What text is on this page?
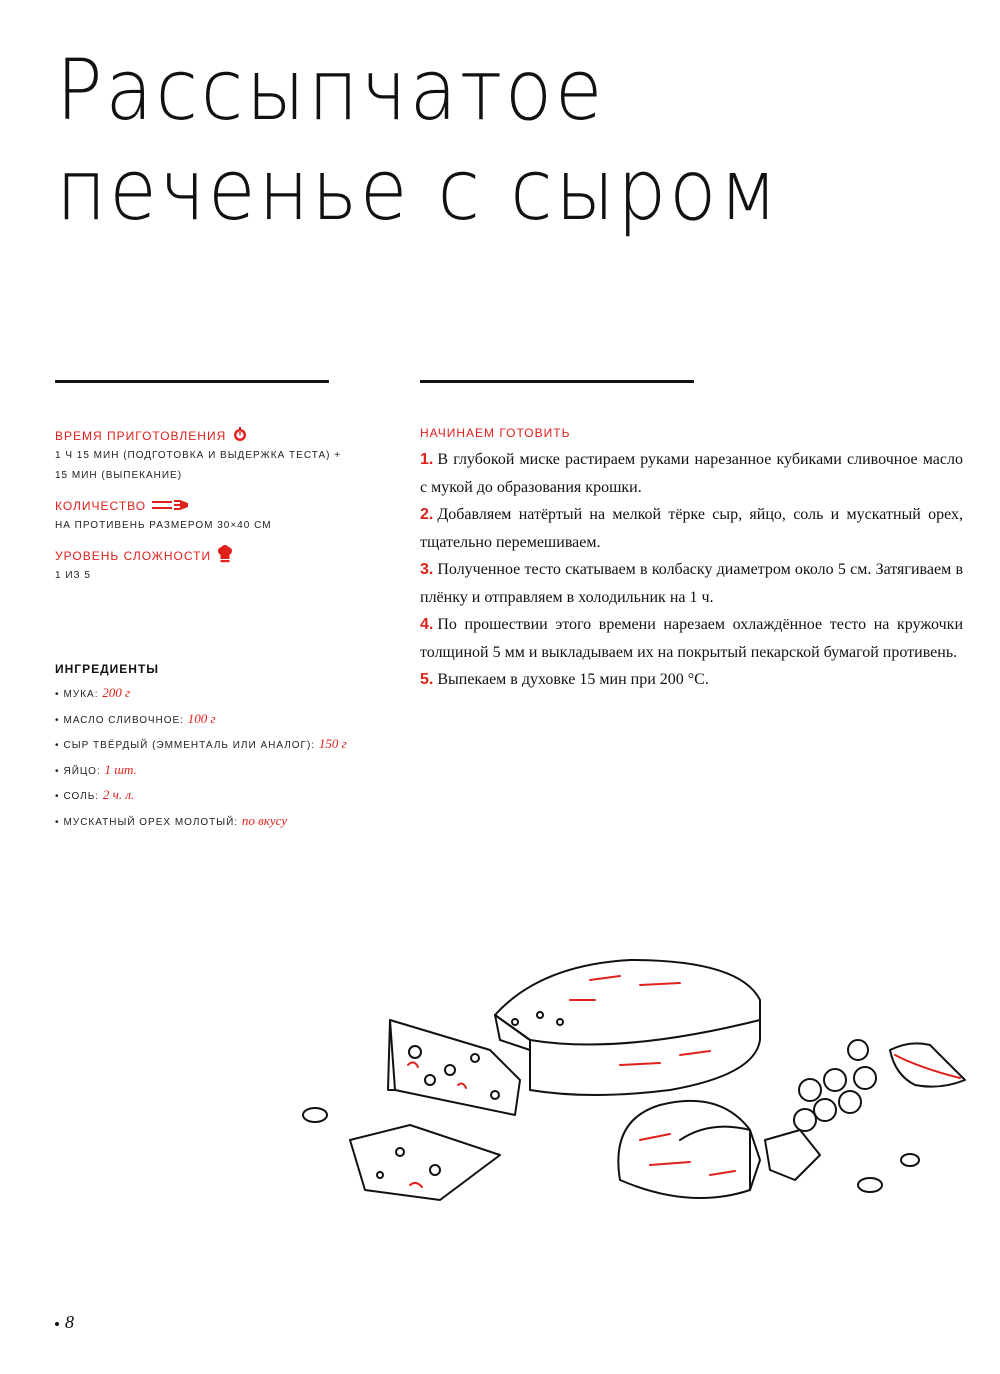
Рассыпчатое
печенье с сыром
ВРЕМЯ ПРИГОТОВЛЕНИЯ
1 Ч 15 МИН (ПОДГОТОВКА И ВЫДЕРЖКА ТЕСТА) +
15 МИН (ВЫПЕКАНИЕ)
КОЛИЧЕСТВО
НА ПРОТИВЕНЬ РАЗМЕРОМ 30×40 СМ
УРОВЕНЬ СЛОЖНОСТИ
1 ИЗ 5
ИНГРЕДИЕНТЫ
• МУКА: 200 г
• МАСЛО СЛИВОЧНОЕ: 100 г
• СЫР ТВЁРДЫЙ (ЭММЕНТАЛЬ ИЛИ АНАЛОГ): 150 г
• ЯЙЦО: 1 шт.
• СОЛЬ: 2 ч. л.
• МУСКАТНЫЙ ОРЕХ МОЛОТЫЙ: по вкусу
НАЧИНАЕМ ГОТОВИТЬ
1. В глубокой миске растираем руками нарезанное кубиками сливочное масло с мукой до образования крошки.
2. Добавляем натёртый на мелкой тёрке сыр, яйцо, соль и мускатный орех, тщательно перемешиваем.
3. Полученное тесто скатываем в колбаску диаметром около 5 см. Затягиваем в плёнку и отправляем в холодильник на 1 ч.
4. По прошествии этого времени нарезаем охлаждённое тесто на кружочки толщиной 5 мм и выкладываем их на покрытый пекарской бумагой противень.
5. Выпекаем в духовке 15 мин при 200 °С.
8
